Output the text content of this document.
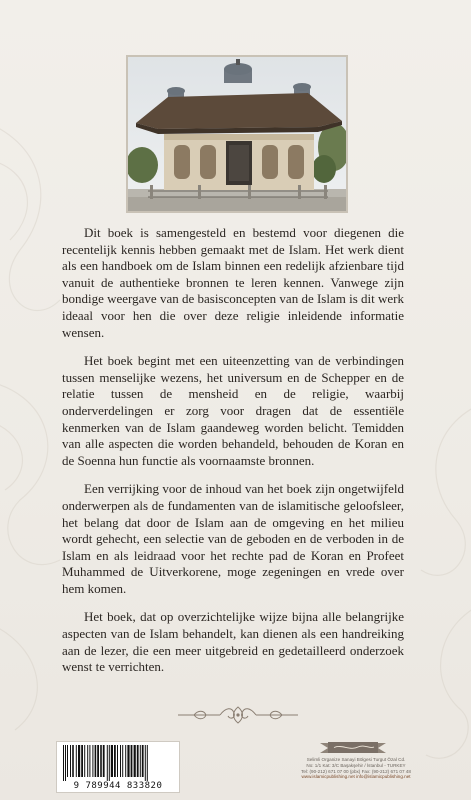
Dit boek is samengesteld en bestemd voor diegenen die recentelijk kennis hebben gemaakt met de Islam. Het werk dient als een handboek om de Islam binnen een redelijk afzienbare tijd vanuit de authentieke bronnen te leren kennen. Vanwege zijn bondige weergave van de basisconcepten van de Islam is dit werk ideaal voor hen die over deze religie inleidende informatie wensen.

Het boek begint met een uiteenzetting van de verbindingen tussen menselijke wezens, het universum en de Schepper en de relatie tussen de mensheid en de religie, waarbij onderverdelingen er zorg voor dragen dat de essentiële kenmerken van de Islam gaandeweg worden belicht. Temidden van alle aspecten die worden behandeld, behouden de Koran en de Soenna hun functie als voornaamste bronnen.

Een verrijking voor de inhoud van het boek zijn ongetwijfeld onderwerpen als de fundamenten van de islamitische geloofsleer, het belang dat door de Islam aan de omgeving en het milieu wordt gehecht, een selectie van de geboden en de verboden in de Islam en als leidraad voor het rechte pad de Koran en Profeet Muhammed de Uitverkorene, moge zegeningen en vrede over hem komen.

Het boek, dat op overzichtelijke wijze bijna alle belangrijke aspecten van de Islam behandelt, kan dienen als een handreiking aan de lezer, die een meer uitgebreid en gedetailleerd onderzoek wenst te verrichten.

9 789944 833820
Selimli Organize Sanayi Bölgesi Turgut Özal Cd.
No: 1/1 Kat: 3/C Başakşehir / İstanbul - TURKEY
Tel: (90-212) 671 07 00 (pbx) Fax: (90-212) 671 07 48
www.islamicpublishing.net info@islamicpublishing.net
